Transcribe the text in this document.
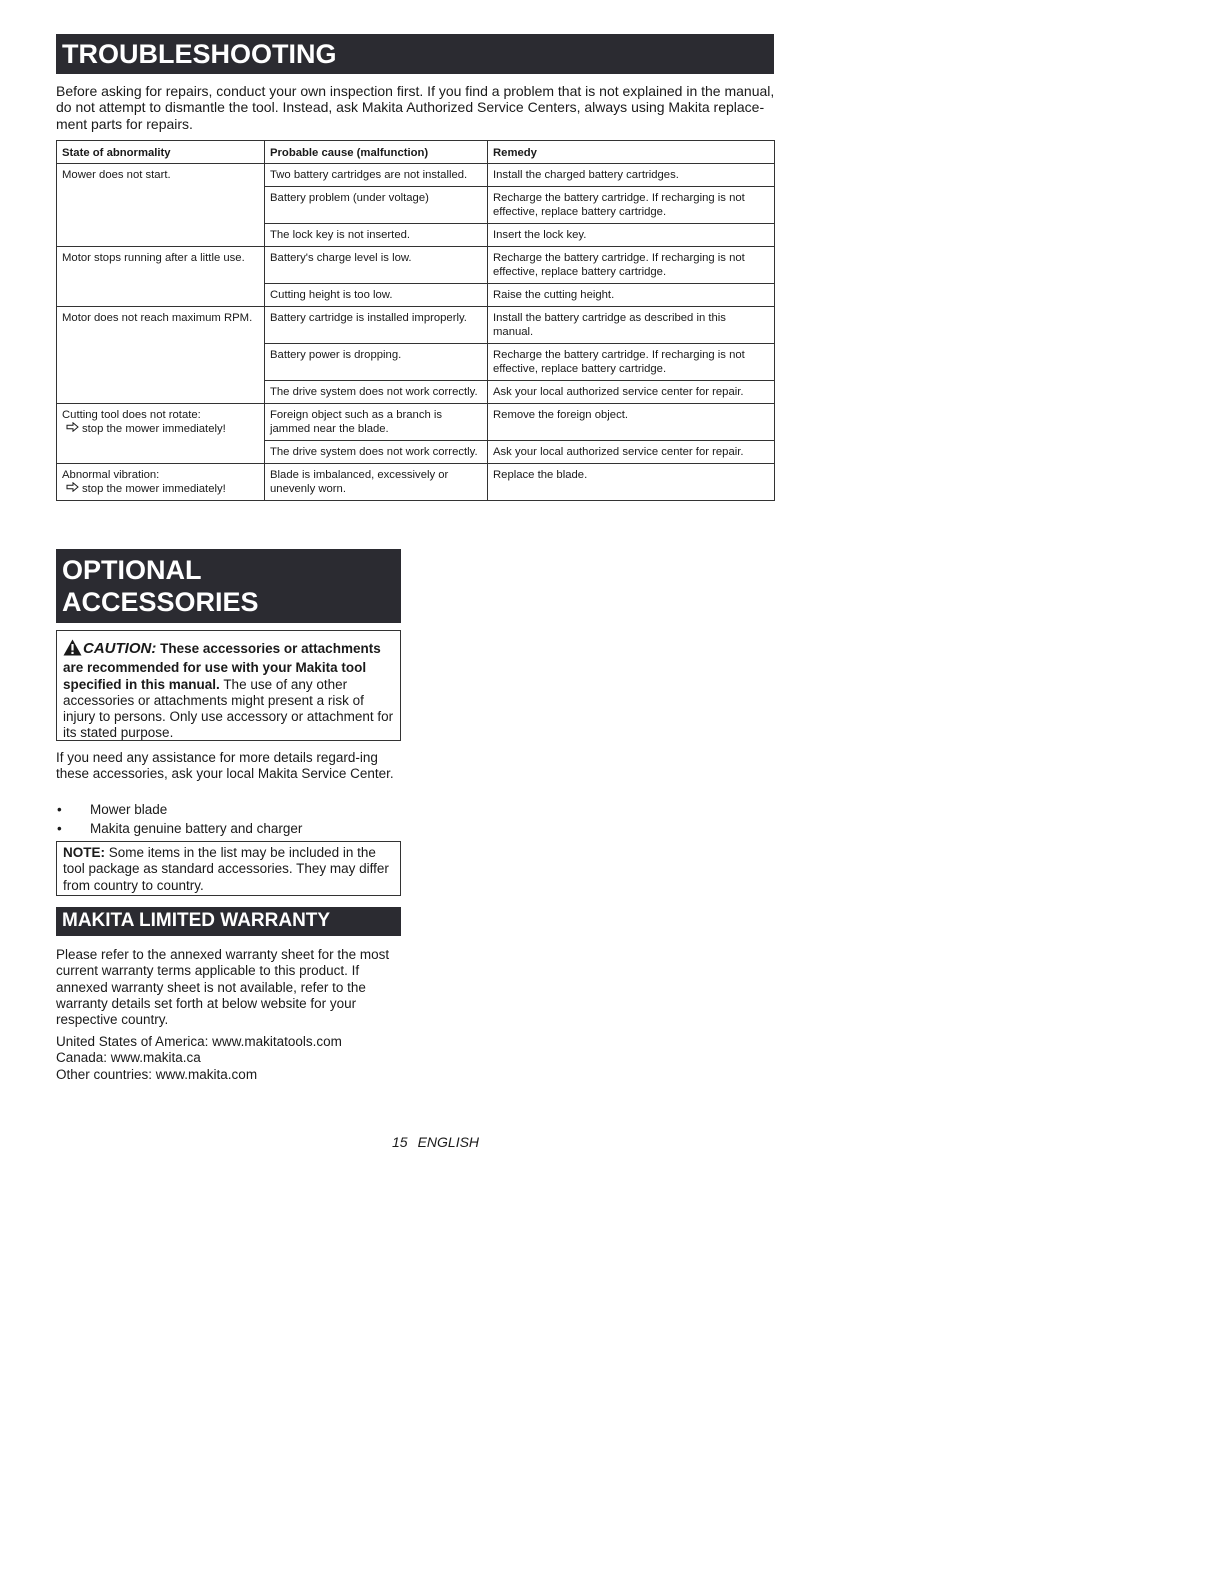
TROUBLESHOOTING

Before asking for repairs, conduct your own inspection first. If you find a problem that is not explained in the manual, do not attempt to dismantle the tool. Instead, ask Makita Authorized Service Centers, always using Makita replace-ment parts for repairs.

State of abnormality	Probable cause (malfunction)	Remedy

Mower does not start.	Two battery cartridges are not installed.	Install the charged battery cartridges.
	Battery problem (under voltage)	Recharge the battery cartridge. If recharging is not effective, replace battery cartridge.
	The lock key is not inserted.	Insert the lock key.

Motor stops running after a little use.	Battery's charge level is low.	Recharge the battery cartridge. If recharging is not effective, replace battery cartridge.
	Cutting height is too low.	Raise the cutting height.

Motor does not reach maximum RPM.	Battery cartridge is installed improperly.	Install the battery cartridge as described in this manual.
	Battery power is dropping.	Recharge the battery cartridge. If recharging is not effective, replace battery cartridge.
	The drive system does not work correctly.	Ask your local authorized service center for repair.

Cutting tool does not rotate:
stop the mower immediately!	Foreign object such as a branch is jammed near the blade.	Remove the foreign object.
	The drive system does not work correctly.	Ask your local authorized service center for repair.

Abnormal vibration:
stop the mower immediately!	Blade is imbalanced, excessively or unevenly worn.	Replace the blade.
OPTIONAL
ACCESSORIES
CAUTION: These accessories or attachments are recommended for use with your Makita tool specified in this manual. The use of any other accessories or attachments might present a risk of injury to persons. Only use accessory or attachment for its stated purpose.

If you need any assistance for more details regard-ing these accessories, ask your local Makita Service Center.

• Mower blade
• Makita genuine battery and charger
NOTE: Some items in the list may be included in the tool package as standard accessories. They may differ from country to country.
MAKITA LIMITED WARRANTY

Please refer to the annexed warranty sheet for the most current warranty terms applicable to this product. If annexed warranty sheet is not available, refer to the warranty details set forth at below website for your respective country.

United States of America: www.makitatools.com
Canada: www.makita.ca
Other countries: www.makita.com
15 ENGLISH
